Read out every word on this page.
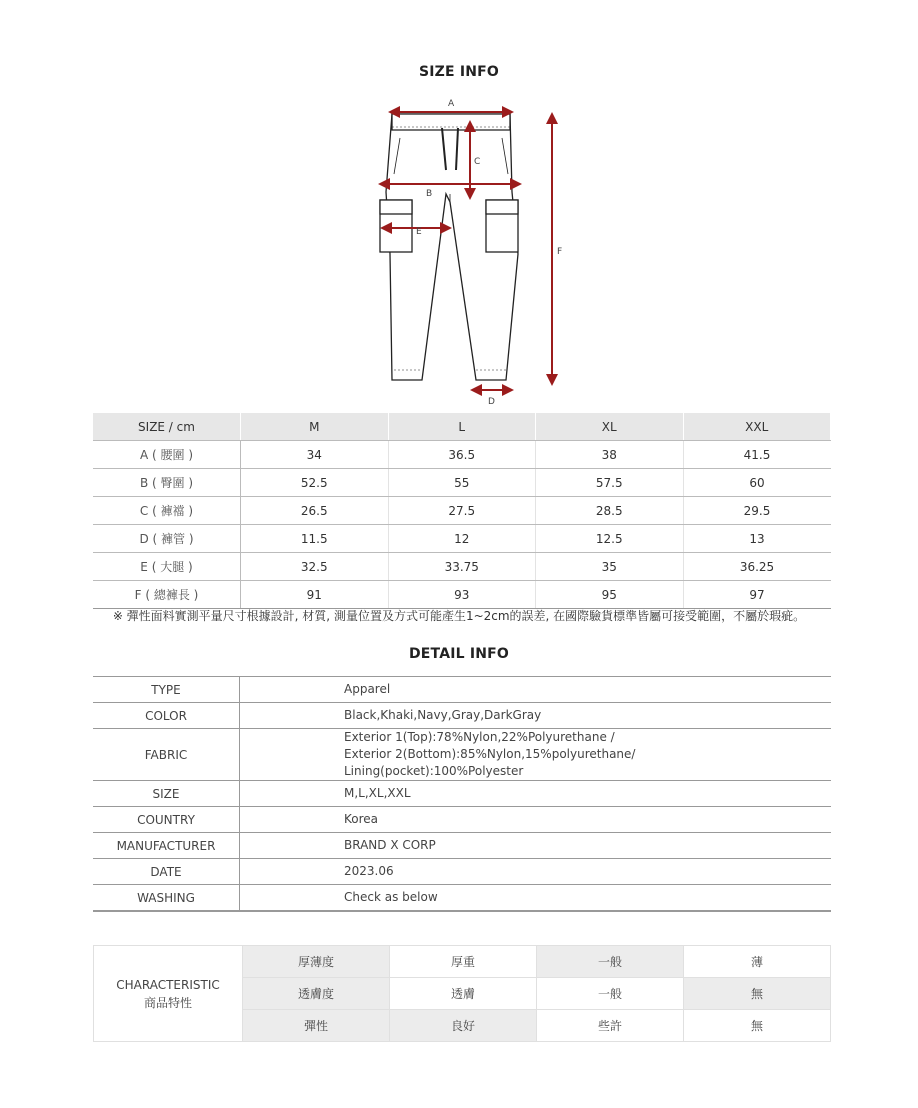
SIZE INFO
A
B
C
E
D
F
SIZE / cm	M	L	XL	XXL
A ( 腰圍 )	34	36.5	38	41.5
B ( 臀圍 )	52.5	55	57.5	60
C ( 褲襠 )	26.5	27.5	28.5	29.5
D ( 褲管 )	11.5	12	12.5	13
E ( 大腿 )	32.5	33.75	35	36.25
F ( 總褲長 )	91	93	95	97
※ 彈性面料實測平量尺寸根據設計, 材質, 測量位置及方式可能產生1~2cm的誤差, 在國際驗貨標準皆屬可接受範圍，不屬於瑕疵。
DETAIL INFO
TYPE	Apparel

COLOR	Black,Khaki,Navy,Gray,DarkGray

FABRIC	Exterior 1(Top):78%Nylon,22%Polyurethane /
Exterior 2(Bottom):85%Nylon,15%polyurethane/
Lining(pocket):100%Polyester

SIZE	M,L,XL,XXL

COUNTRY	Korea

MANUFACTURER	BRAND X CORP

DATE	2023.06

WASHING	Check as below
CHARACTERISTIC
商品特性	厚薄度	厚重	一般	薄
	透膚度	透膚	一般	無
	彈性	良好	些許	無
